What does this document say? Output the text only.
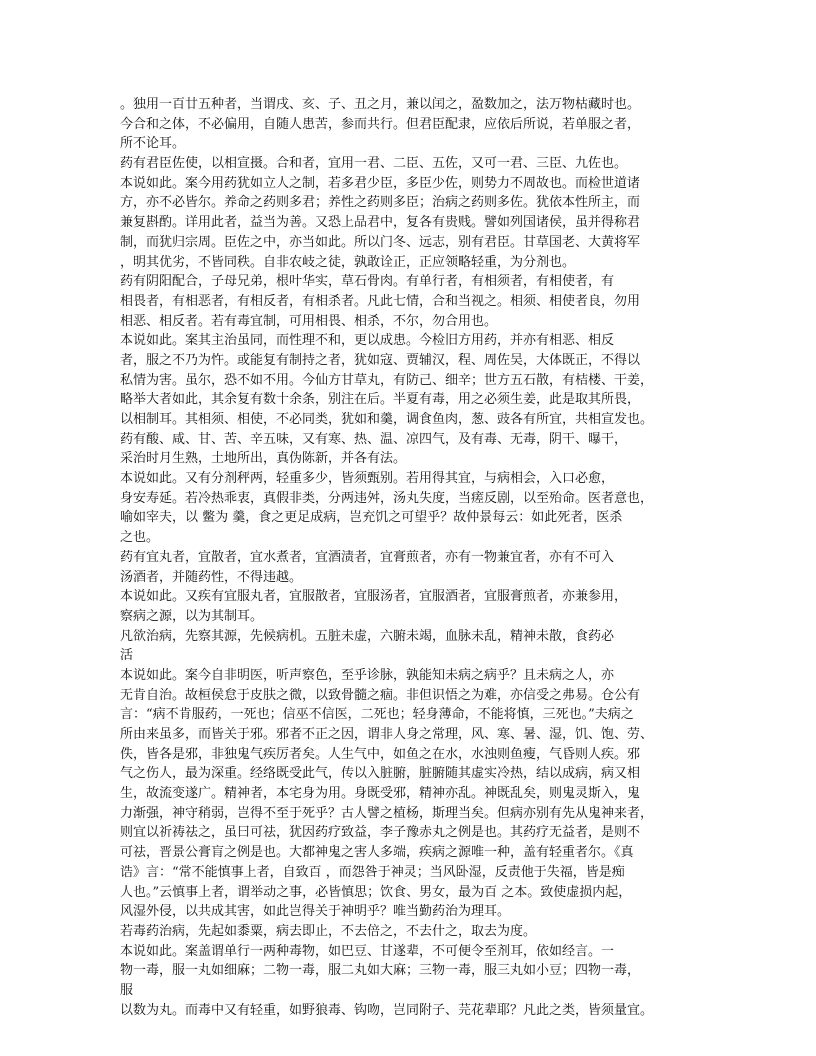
。独用一百廿五种者，当谓戌、亥、子、丑之月，兼以闰之，盈数加之，法万物枯藏时也。
今合和之体，不必偏用，自随人患苦，参而共行。但君臣配隶，应依后所说，若单服之者，
所不论耳。
药有君臣佐使，以相宣摄。合和者，宜用一君、二臣、五佐，又可一君、三臣、九佐也。
本说如此。案今用药犹如立人之制，若多君少臣，多臣少佐，则势力不周故也。而检世道诸
方，亦不必皆尔。养命之药则多君；养性之药则多臣；治病之药则多佐。犹依本性所主，而
兼复斟酌。详用此者，益当为善。又恐上品君中，复各有贵贱。譬如列国诸侯，虽并得称君
制，而犹归宗周。臣佐之中，亦当如此。所以门冬、远志，别有君臣。甘草国老、大黄将军
，明其优劣，不皆同秩。自非农岐之徒，孰敢诠正，正应领略轻重，为分剂也。
药有阴阳配合，子母兄弟，根叶华实，草石骨肉。有单行者，有相须者，有相使者，有
相畏者，有相恶者，有相反者，有相杀者。凡此七情，合和当视之。相须、相使者良，勿用
相恶、相反者。若有毒宜制，可用相畏、相杀，不尔，勿合用也。
本说如此。案其主治虽同，而性理不和，更以成患。今检旧方用药，并亦有相恶、相反
者，服之不乃为忤。或能复有制持之者，犹如寇、贾辅汉，程、周佐吴，大体既正，不得以
私情为害。虽尔，恐不如不用。今仙方甘草丸，有防己、细辛；世方五石散，有桔楼、干姜，
略举大者如此，其余复有数十余条，别注在后。半夏有毒，用之必须生姜，此是取其所畏，
以相制耳。其相须、相使，不必同类，犹如和羹，调食鱼肉，葱、豉各有所宜，共相宣发也。
药有酸、咸、甘、苦、辛五味，又有寒、热、温、凉四气，及有毒、无毒，阴干、曝干，
采治时月生熟，土地所出，真伪陈新，并各有法。
本说如此。又有分剂秤两，轻重多少，皆须甄别。若用得其宜，与病相会，入口必愈，
身安寿延。若冷热乖衷，真假非类，分两违舛，汤丸失度，当瘥反剧，以至殆命。医者意也，
喻如宰夫，以 鳖为 羹，食之更足成病，岂充饥之可望乎？故仲景每云：如此死者，医杀
之也。
药有宜丸者，宜散者，宜水煮者，宜酒渍者，宜膏煎者，亦有一物兼宜者，亦有不可入
汤酒者，并随药性，不得违越。
本说如此。又疾有宜服丸者，宜服散者，宜服汤者，宜服酒者，宜服膏煎者，亦兼参用，
察病之源，以为其制耳。
凡欲治病，先察其源，先候病机。五脏未虚，六腑未竭，血脉未乱，精神未散，食药必
活
本说如此。案今自非明医，听声察色，至乎诊脉，孰能知未病之病乎？且未病之人，亦
无肯自治。故桓侯怠于皮肤之微，以致骨髓之痼。非但识悟之为难，亦信受之弗易。仓公有
言：“病不肯服药，一死也；信巫不信医，二死也；轻身薄命，不能将慎，三死也。”夫病之
所由来虽多，而皆关于邪。邪者不正之因，谓非人身之常理，风、寒、暑、湿，饥、饱、劳、
佚，皆各是邪，非独鬼气疾厉者矣。人生气中，如鱼之在水，水浊则鱼瘦，气昏则人疾。邪
气之伤人，最为深重。经络既受此气，传以入脏腑，脏腑随其虚实冷热，结以成病，病又相
生，故流变遂广。精神者，本宅身为用。身既受邪，精神亦乱。神既乱矣，则鬼灵斯入，鬼
力渐强，神守稍弱，岂得不至于死乎？古人譬之植杨，斯理当矣。但病亦别有先从鬼神来者，
则宜以祈祷祛之，虽曰可祛，犹因药疗致益，李子豫赤丸之例是也。其药疗无益者，是则不
可祛，晋景公膏肓之例是也。大都神鬼之害人多端，疾病之源唯一种，盖有轻重者尔。《真
诰》言：“常不能慎事上者，自致百 ，而怨咎于神灵；当风卧湿，反责他于失福，皆是痴
人也。”云慎事上者，谓举动之事，必皆慎思；饮食、男女，最为百 之本。致使虚损内起，
风湿外侵，以共成其害，如此岂得关于神明乎？唯当勤药治为理耳。
若毒药治病，先起如黍粟，病去即止，不去倍之，不去什之，取去为度。
本说如此。案盖谓单行一两种毒物，如巴豆、甘遂辈，不可便令至剂耳，依如经言。一
物一毒，服一丸如细麻；二物一毒，服二丸如大麻；三物一毒，服三丸如小豆；四物一毒，
服
以数为丸。而毒中又有轻重，如野狼毒、钩吻，岂同附子、芫花辈耶？凡此之类，皆须量宜。
